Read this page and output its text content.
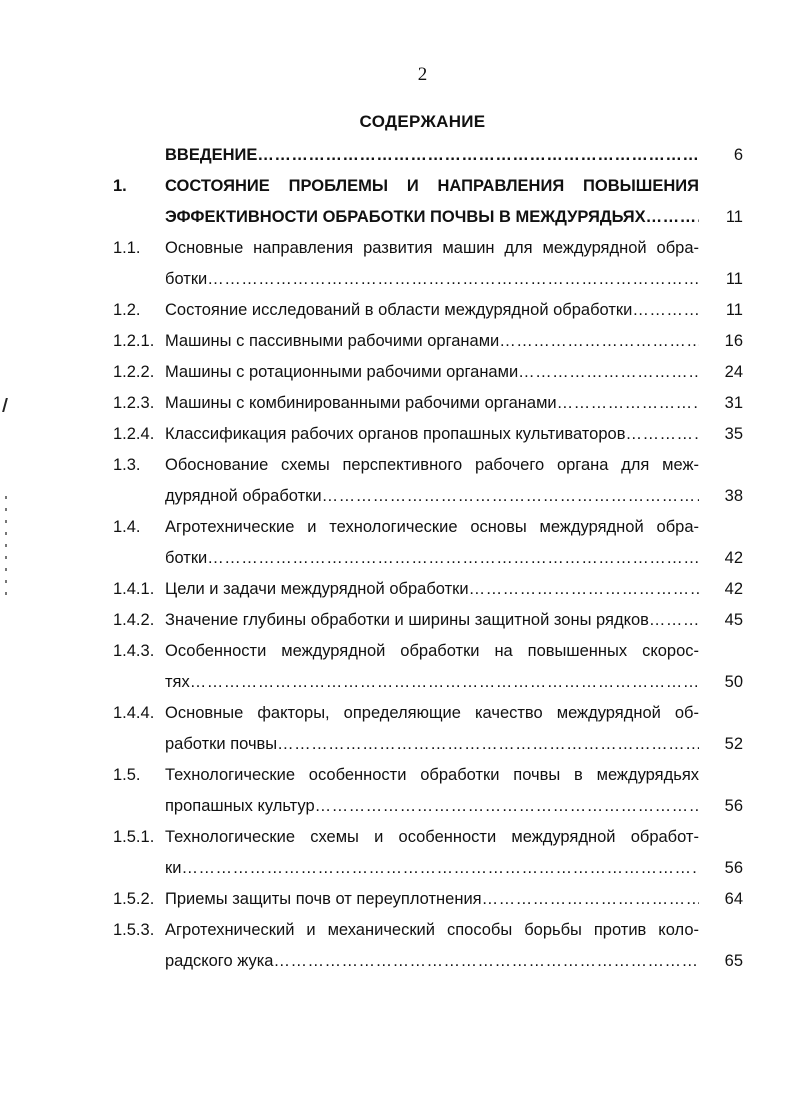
2
СОДЕРЖАНИЕ
ВВЕДЕНИЕ ……………………………………………………………………………………………………………………………………………………………………	6
1.	СОСТОЯНИЕ ПРОБЛЕМЫ И НАПРАВЛЕНИЯ ПОВЫШЕНИЯ
ЭФФЕКТИВНОСТИ ОБРАБОТКИ ПОЧВЫ В МЕЖДУРЯДЬЯХ ……………………………………………………………………………………………………………………………………………………………………	11
1.1.	Основные направления развития машин для междурядной обра-
ботки ……………………………………………………………………………………………………………………………………………………………………	11
1.2.	Состояние исследований в области междурядной обработки ……………………………………………………………………………………………………………………………………………………………………	11
1.2.1. Машины с пассивными рабочими органами ……………………………………………………………………………………………………………………………………………………………………	16
1.2.2. Машины с ротационными рабочими органами ……………………………………………………………………………………………………………………………………………………………………	24
1.2.3. Машины с комбинированными рабочими органами ……………………………………………………………………………………………………………………………………………………………………	31
1.2.4. Классификация рабочих органов пропашных культиваторов ……………………………………………………………………………………………………………………………………………………………………	35
1.3.	Обоснование схемы перспективного рабочего органа для меж-
дурядной обработки ……………………………………………………………………………………………………………………………………………………………………	38
1.4.	Агротехнические и технологические основы междурядной обра-
ботки ……………………………………………………………………………………………………………………………………………………………………	42
1.4.1. Цели и задачи междурядной обработки ……………………………………………………………………………………………………………………………………………………………………	42
1.4.2. Значение глубины обработки и ширины защитной зоны рядков ……………………………………………………………………………………………………………………………………………………………………	45
1.4.3. Особенности междурядной обработки на повышенных скорос-
тях ……………………………………………………………………………………………………………………………………………………………………	50
1.4.4. Основные факторы, определяющие качество междурядной об-
работки почвы ……………………………………………………………………………………………………………………………………………………………………	52
1.5.	Технологические особенности обработки почвы в междурядьях
пропашных культур ……………………………………………………………………………………………………………………………………………………………………	56
1.5.1. Технологические схемы и особенности междурядной обработ-
ки ……………………………………………………………………………………………………………………………………………………………………	56
1.5.2. Приемы защиты почв от переуплотнения ……………………………………………………………………………………………………………………………………………………………………	64
1.5.3. Агротехнический и механический способы борьбы против коло-
радского жука ……………………………………………………………………………………………………………………………………………………………………	65
